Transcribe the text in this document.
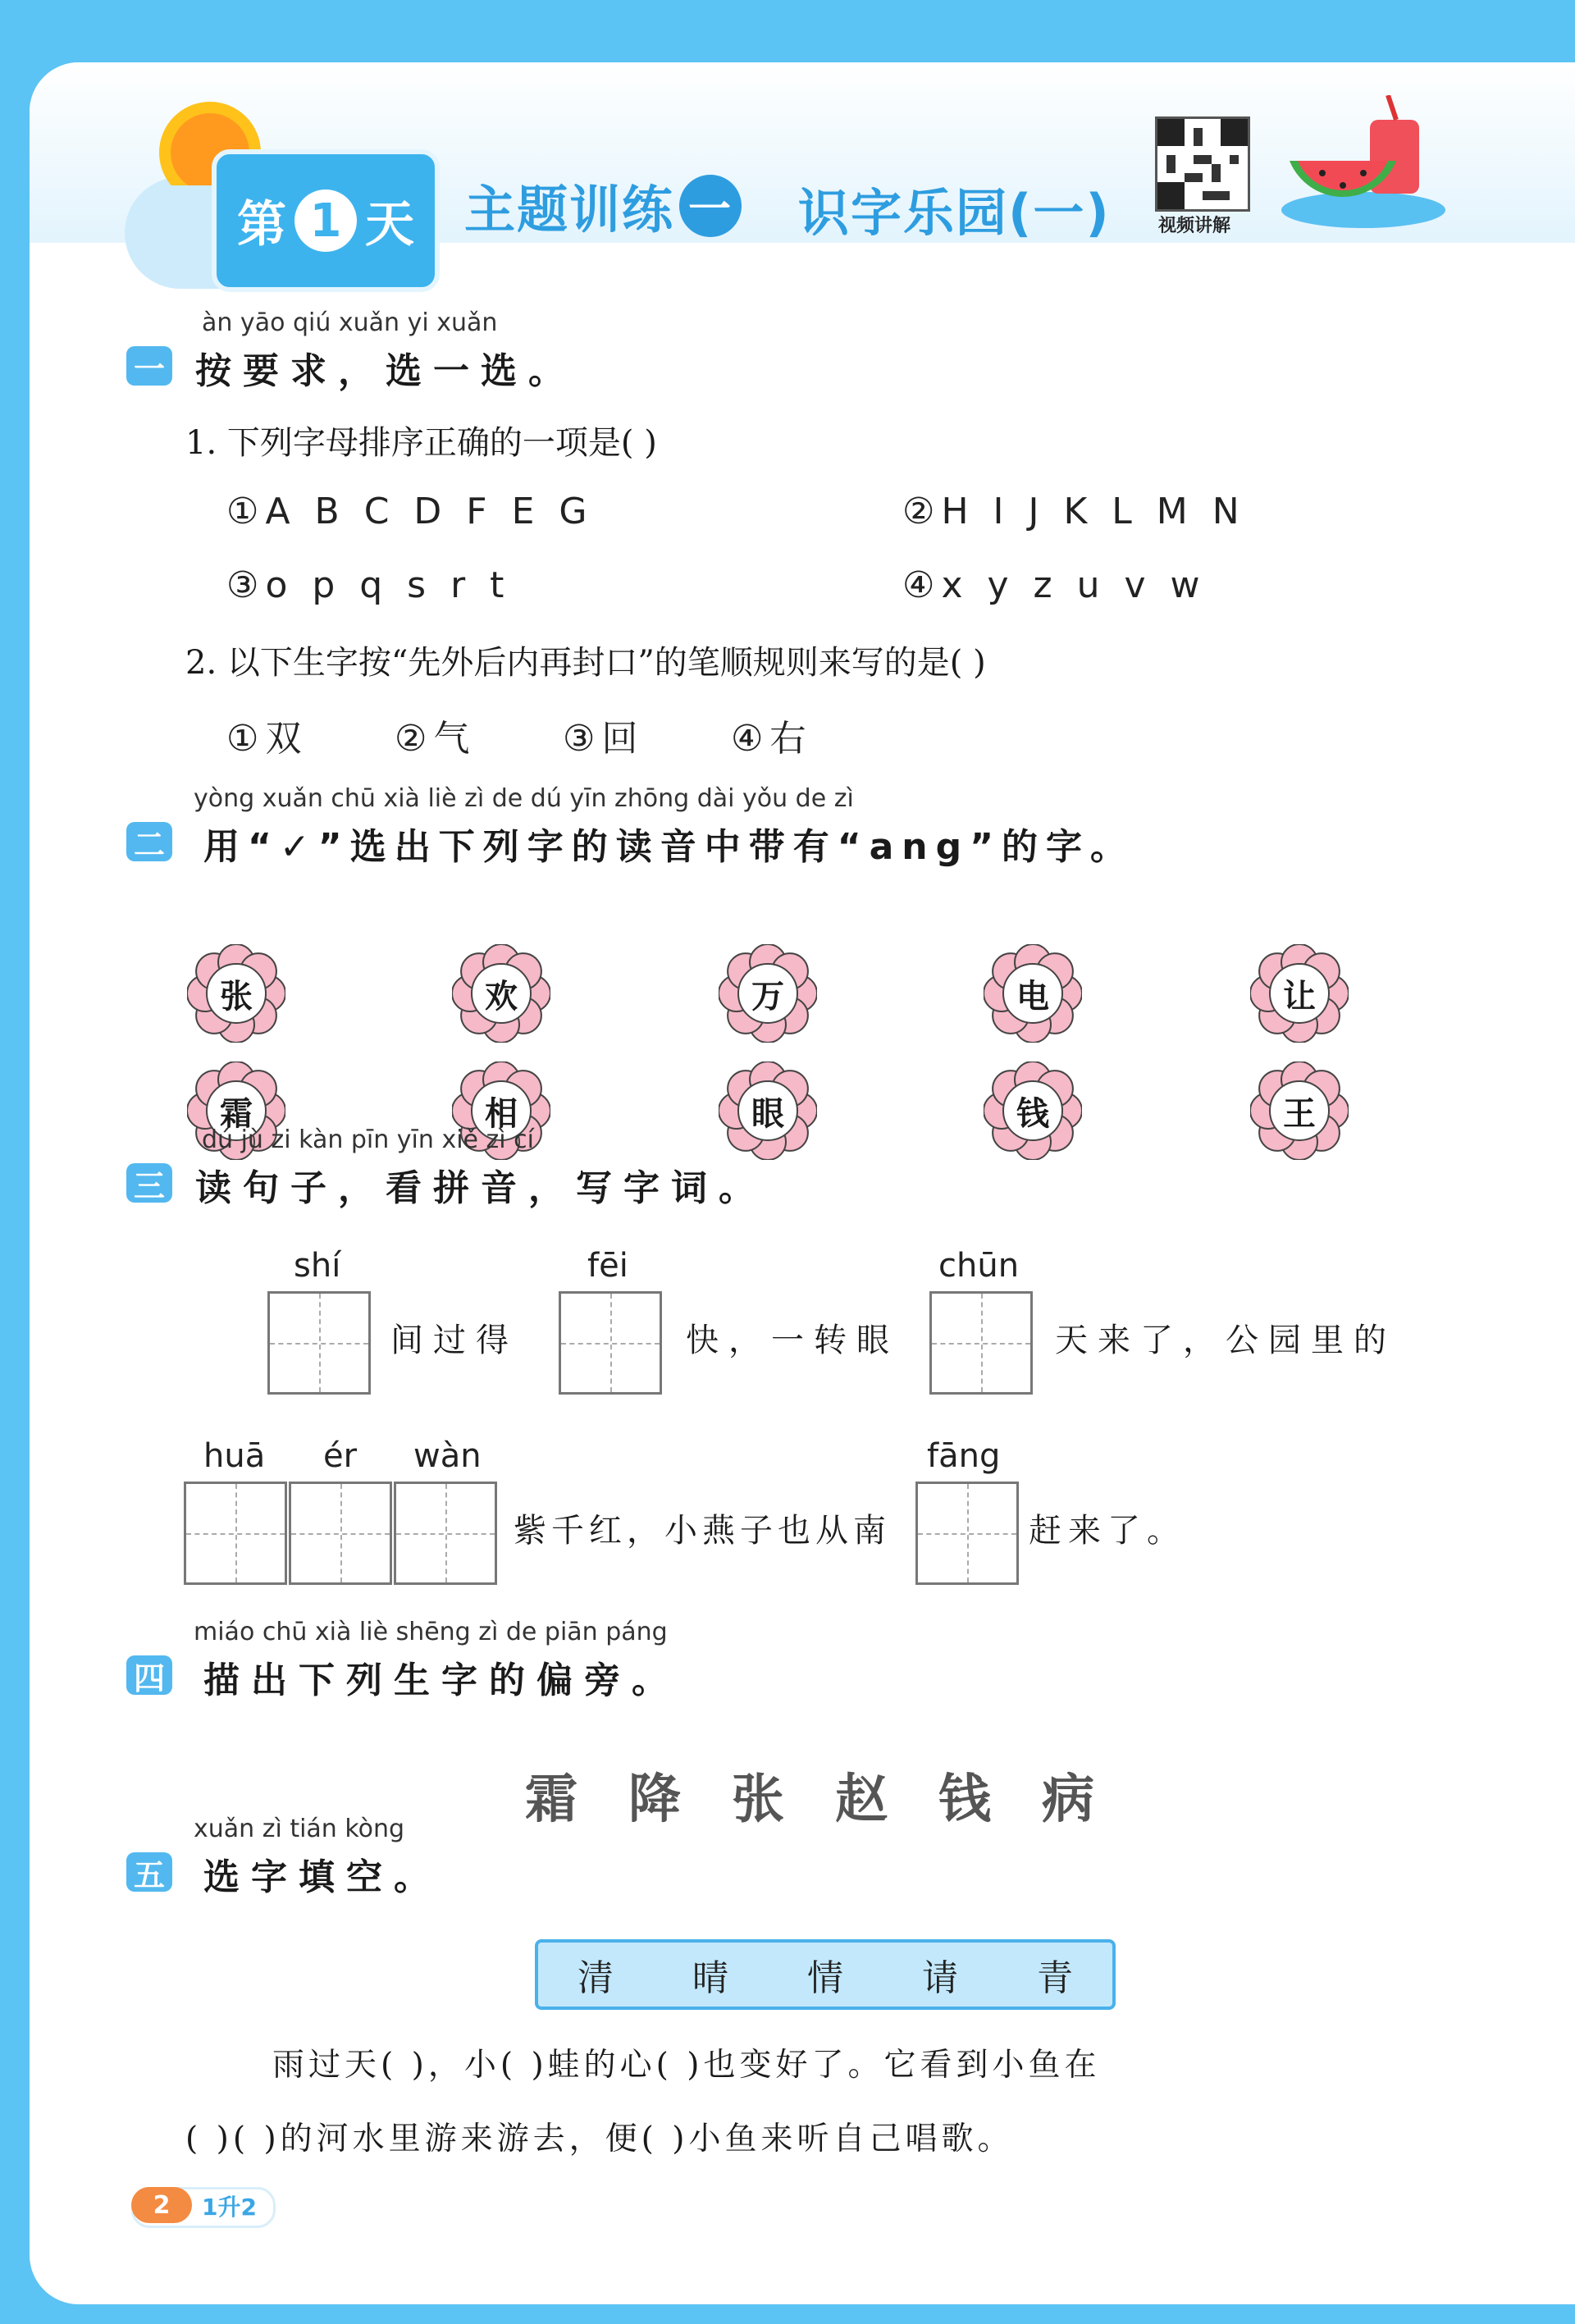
第 1 天 主题训练 一 识字乐园(一)	视频讲解
àn yāo qiú xuǎn yi xuǎn
一 按要求，选一选。
1. 下列字母排序正确的一项是( )
①A B C D F E G	②H I J K L M N
③o p q s r t	④x y z u v w
2. 以下生字按“先外后内再封口”的笔顺规则来写的是( )
①双 ②气 ③回 ④右
yòng xuǎn chū xià liè zì de dú yīn zhōng dài yǒu de zì
二 用“✓”选出下列字的读音中带有“ang”的字。
张	欢	万	电	让
霜	相	眼	钱	王
dú jù zi kàn pīn yīn xiě zì cí
三 读句子，看拼音，写字词。
shí
间过得
fēi
快，一转眼
chūn
天来了，公园里的
huā ér wàn
紫千红，小燕子也从南
fāng
赶来了。
miáo chū xià liè shēng zì de piān páng
四 描出下列生字的偏旁。
霜降张赵钱病
xuǎn zì tián kòng
五 选字填空。
清 晴 情 请 青
雨过天( )，小( )蛙的心( )也变好了。它看到小鱼在
( )( )的河水里游来游去，便( )小鱼来听自己唱歌。
2	1升2
